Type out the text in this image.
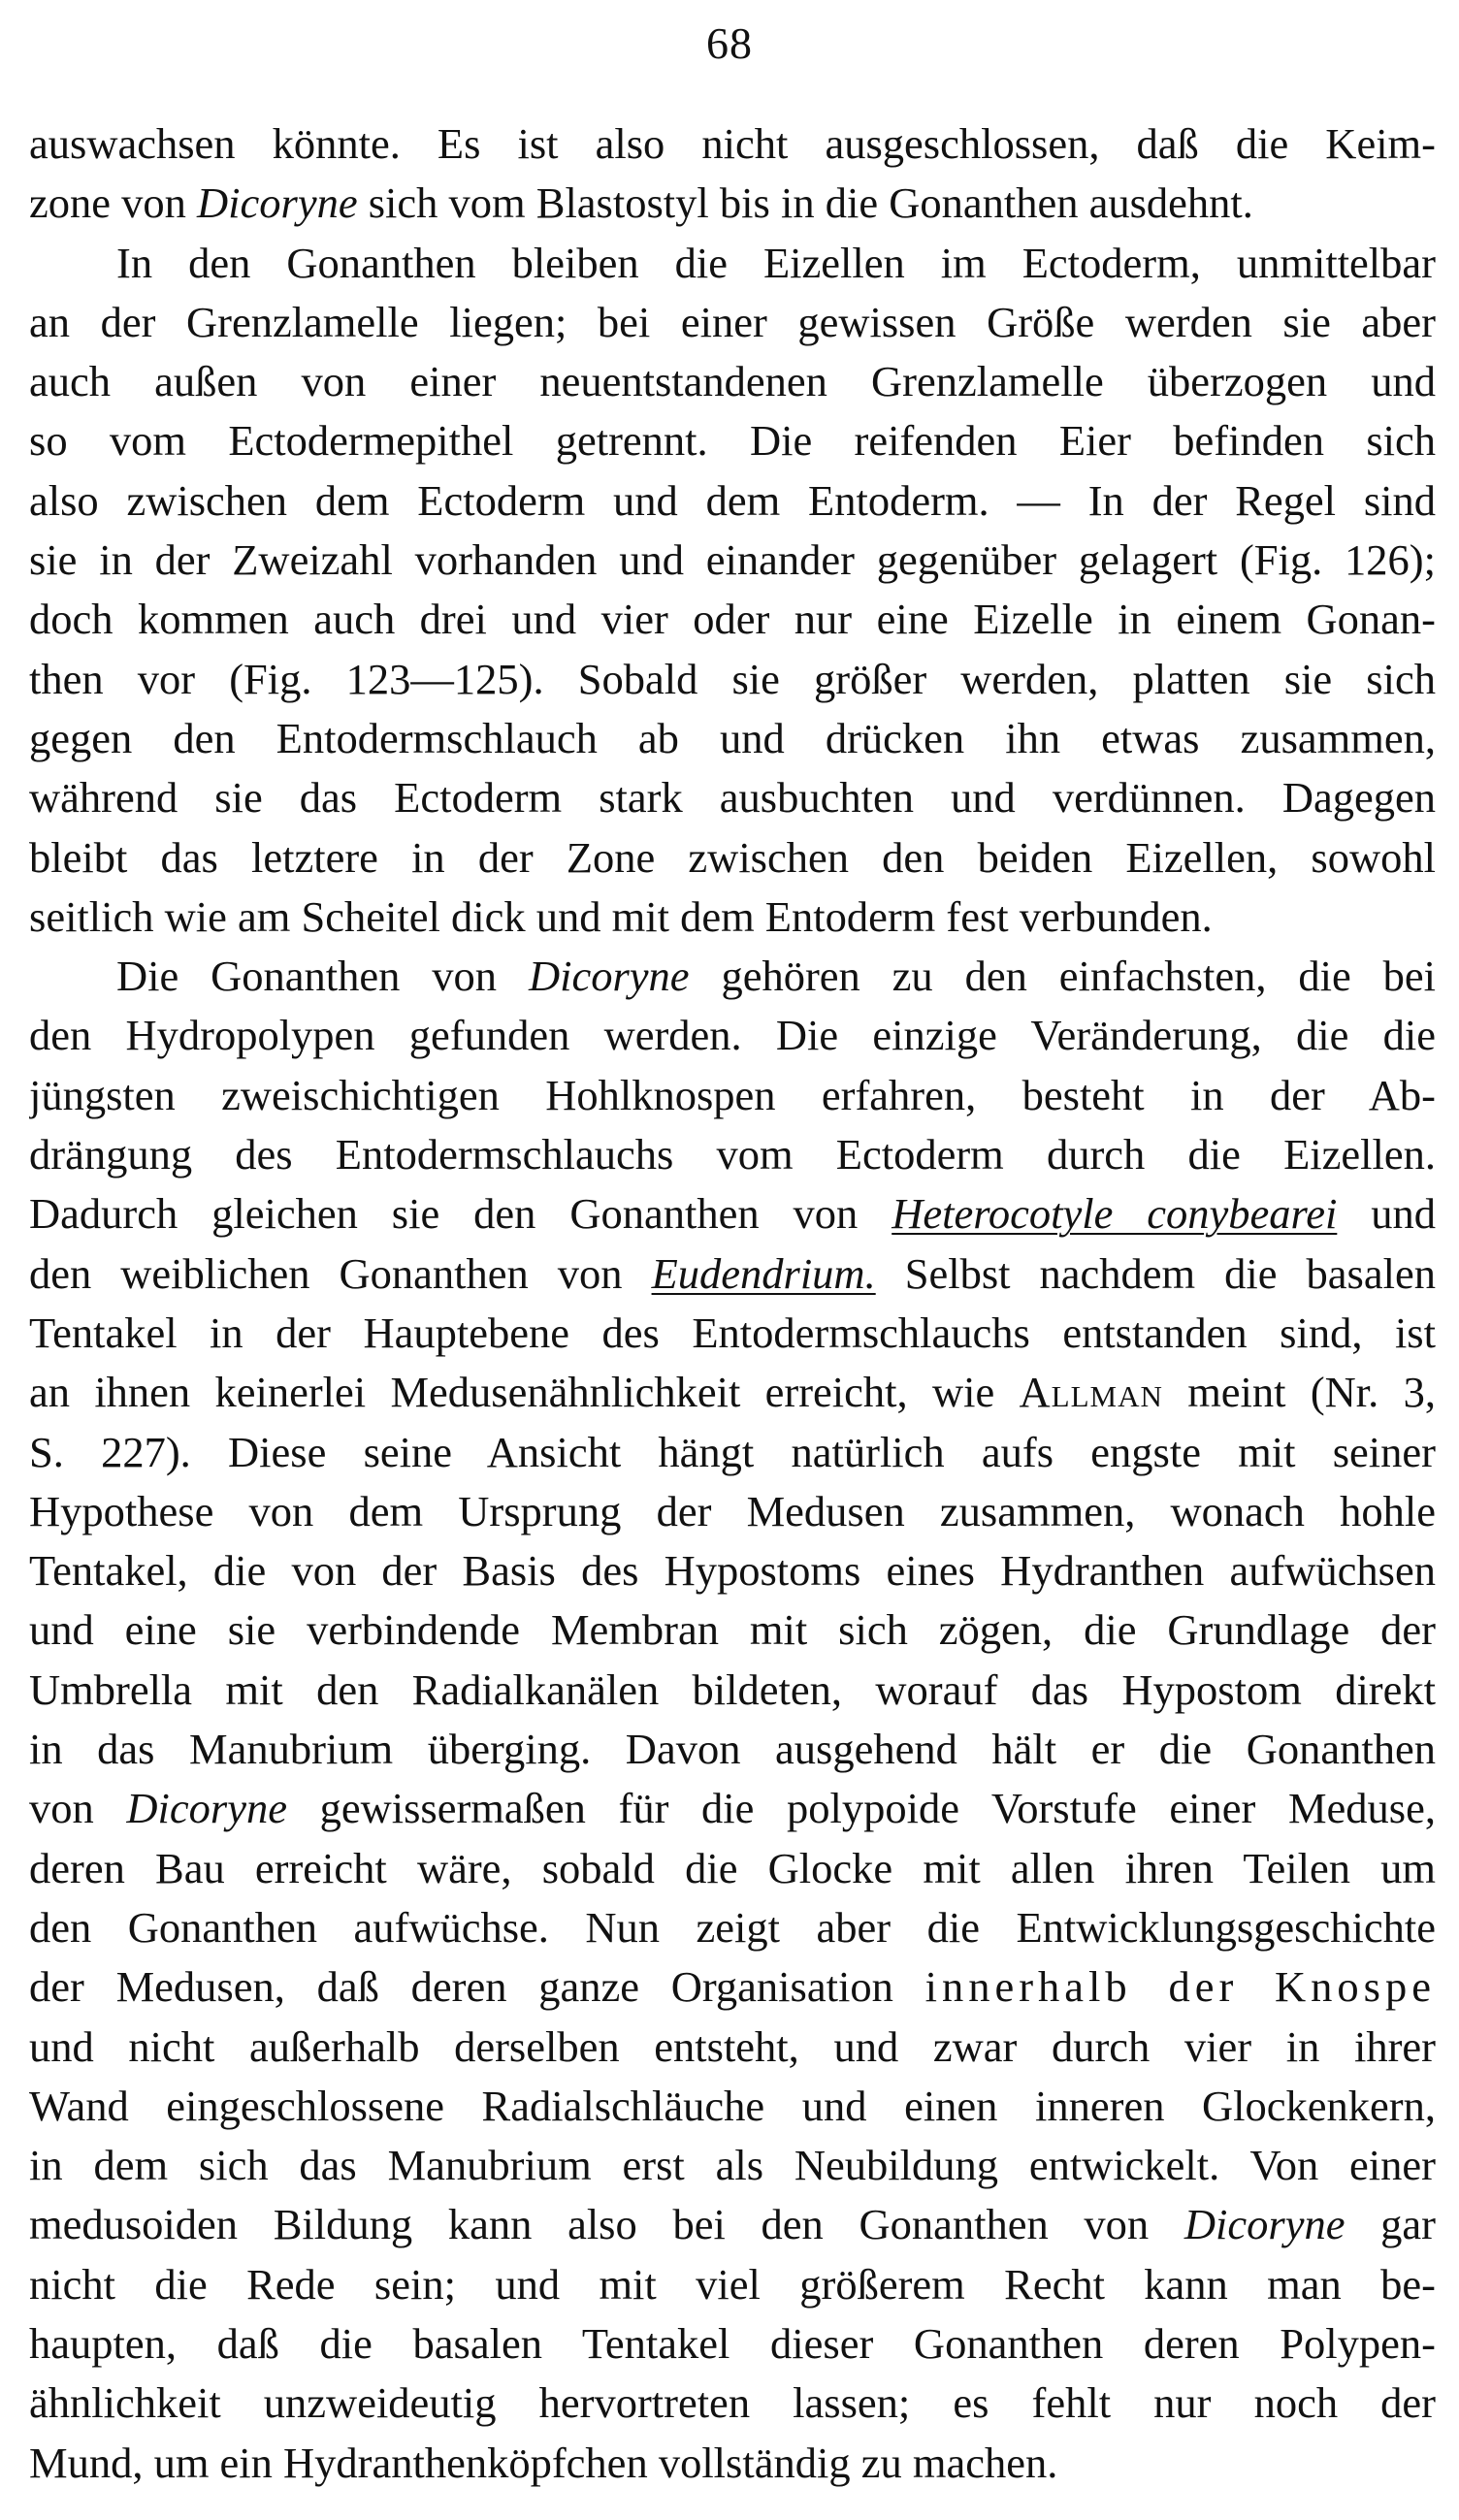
68
auswachsen könnte. Es ist also nicht ausgeschlossen, daß die Keim-
zone von Dicoryne sich vom Blastostyl bis in die Gonanthen ausdehnt.
In den Gonanthen bleiben die Eizellen im Ectoderm, unmittelbar
an der Grenzlamelle liegen; bei einer gewissen Größe werden sie aber
auch außen von einer neuentstandenen Grenzlamelle überzogen und
so vom Ectodermepithel getrennt. Die reifenden Eier befinden sich
also zwischen dem Ectoderm und dem Entoderm. — In der Regel sind
sie in der Zweizahl vorhanden und einander gegenüber gelagert (Fig. 126);
doch kommen auch drei und vier oder nur eine Eizelle in einem Gonan-
then vor (Fig. 123—125). Sobald sie größer werden, platten sie sich
gegen den Entodermschlauch ab und drücken ihn etwas zusammen,
während sie das Ectoderm stark ausbuchten und verdünnen. Dagegen
bleibt das letztere in der Zone zwischen den beiden Eizellen, sowohl
seitlich wie am Scheitel dick und mit dem Entoderm fest verbunden.
Die Gonanthen von Dicoryne gehören zu den einfachsten, die bei
den Hydropolypen gefunden werden. Die einzige Veränderung, die die
jüngsten zweischichtigen Hohlknospen erfahren, besteht in der Ab-
drängung des Entodermschlauchs vom Ectoderm durch die Eizellen.
Dadurch gleichen sie den Gonanthen von Heterocotyle conybearei und
den weiblichen Gonanthen von Eudendrium. Selbst nachdem die basalen
Tentakel in der Hauptebene des Entodermschlauchs entstanden sind, ist
an ihnen keinerlei Medusenähnlichkeit erreicht, wie Allman meint (Nr. 3,
S. 227). Diese seine Ansicht hängt natürlich aufs engste mit seiner
Hypothese von dem Ursprung der Medusen zusammen, wonach hohle
Tentakel, die von der Basis des Hypostoms eines Hydranthen aufwüchsen
und eine sie verbindende Membran mit sich zögen, die Grundlage der
Umbrella mit den Radialkanälen bildeten, worauf das Hypostom direkt
in das Manubrium überging. Davon ausgehend hält er die Gonanthen
von Dicoryne gewissermaßen für die polypoide Vorstufe einer Meduse,
deren Bau erreicht wäre, sobald die Glocke mit allen ihren Teilen um
den Gonanthen aufwüchse. Nun zeigt aber die Entwicklungsgeschichte
der Medusen, daß deren ganze Organisation innerhalb der Knospe
und nicht außerhalb derselben entsteht, und zwar durch vier in ihrer
Wand eingeschlossene Radialschläuche und einen inneren Glockenkern,
in dem sich das Manubrium erst als Neubildung entwickelt. Von einer
medusoiden Bildung kann also bei den Gonanthen von Dicoryne gar
nicht die Rede sein; und mit viel größerem Recht kann man be-
haupten, daß die basalen Tentakel dieser Gonanthen deren Polypen-
ähnlichkeit unzweideutig hervortreten lassen; es fehlt nur noch der
Mund, um ein Hydranthenköpfchen vollständig zu machen.
